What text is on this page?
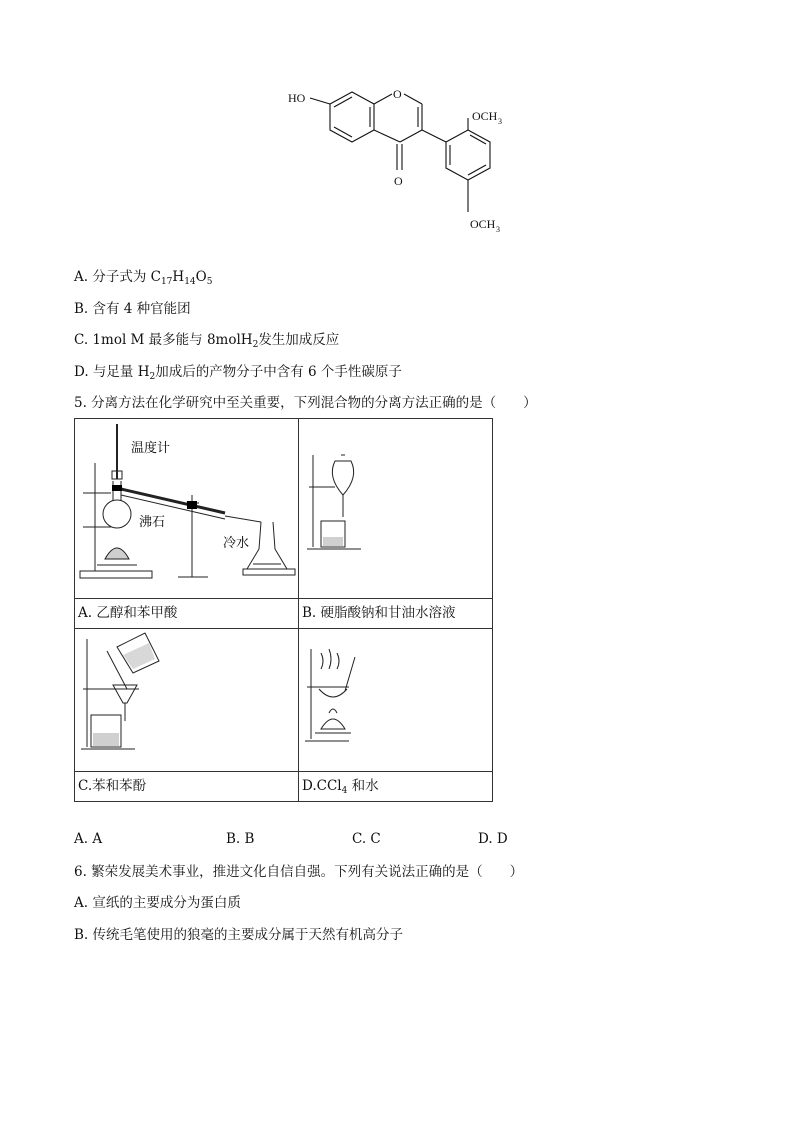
HO	O
O
OCH 3
OCH 3
A. 分子式为 $C_{17}H_{14}O_5$
B. 含有 4 种官能团
C. 1mol M 最多能与 8molH$_2$发生加成反应
D. 与足量 $H_2$加成后的产物分子中含有 6 个手性碳原子
5. 分离方法在化学研究中至关重要，下列混合物的分离方法正确的是（　　）
温度计
沸石
冷水

A. 乙醇和苯甲酸	B. 硬脂酸钠和甘油水溶液

C.苯和苯酚	D.CCl$_4$ 和水
A. A	B. B	C. C	D. D
6. 繁荣发展美术事业，推进文化自信自强。下列有关说法正确的是（　　）
A. 宣纸的主要成分为蛋白质
B. 传统毛笔使用的狼毫的主要成分属于天然有机高分子
